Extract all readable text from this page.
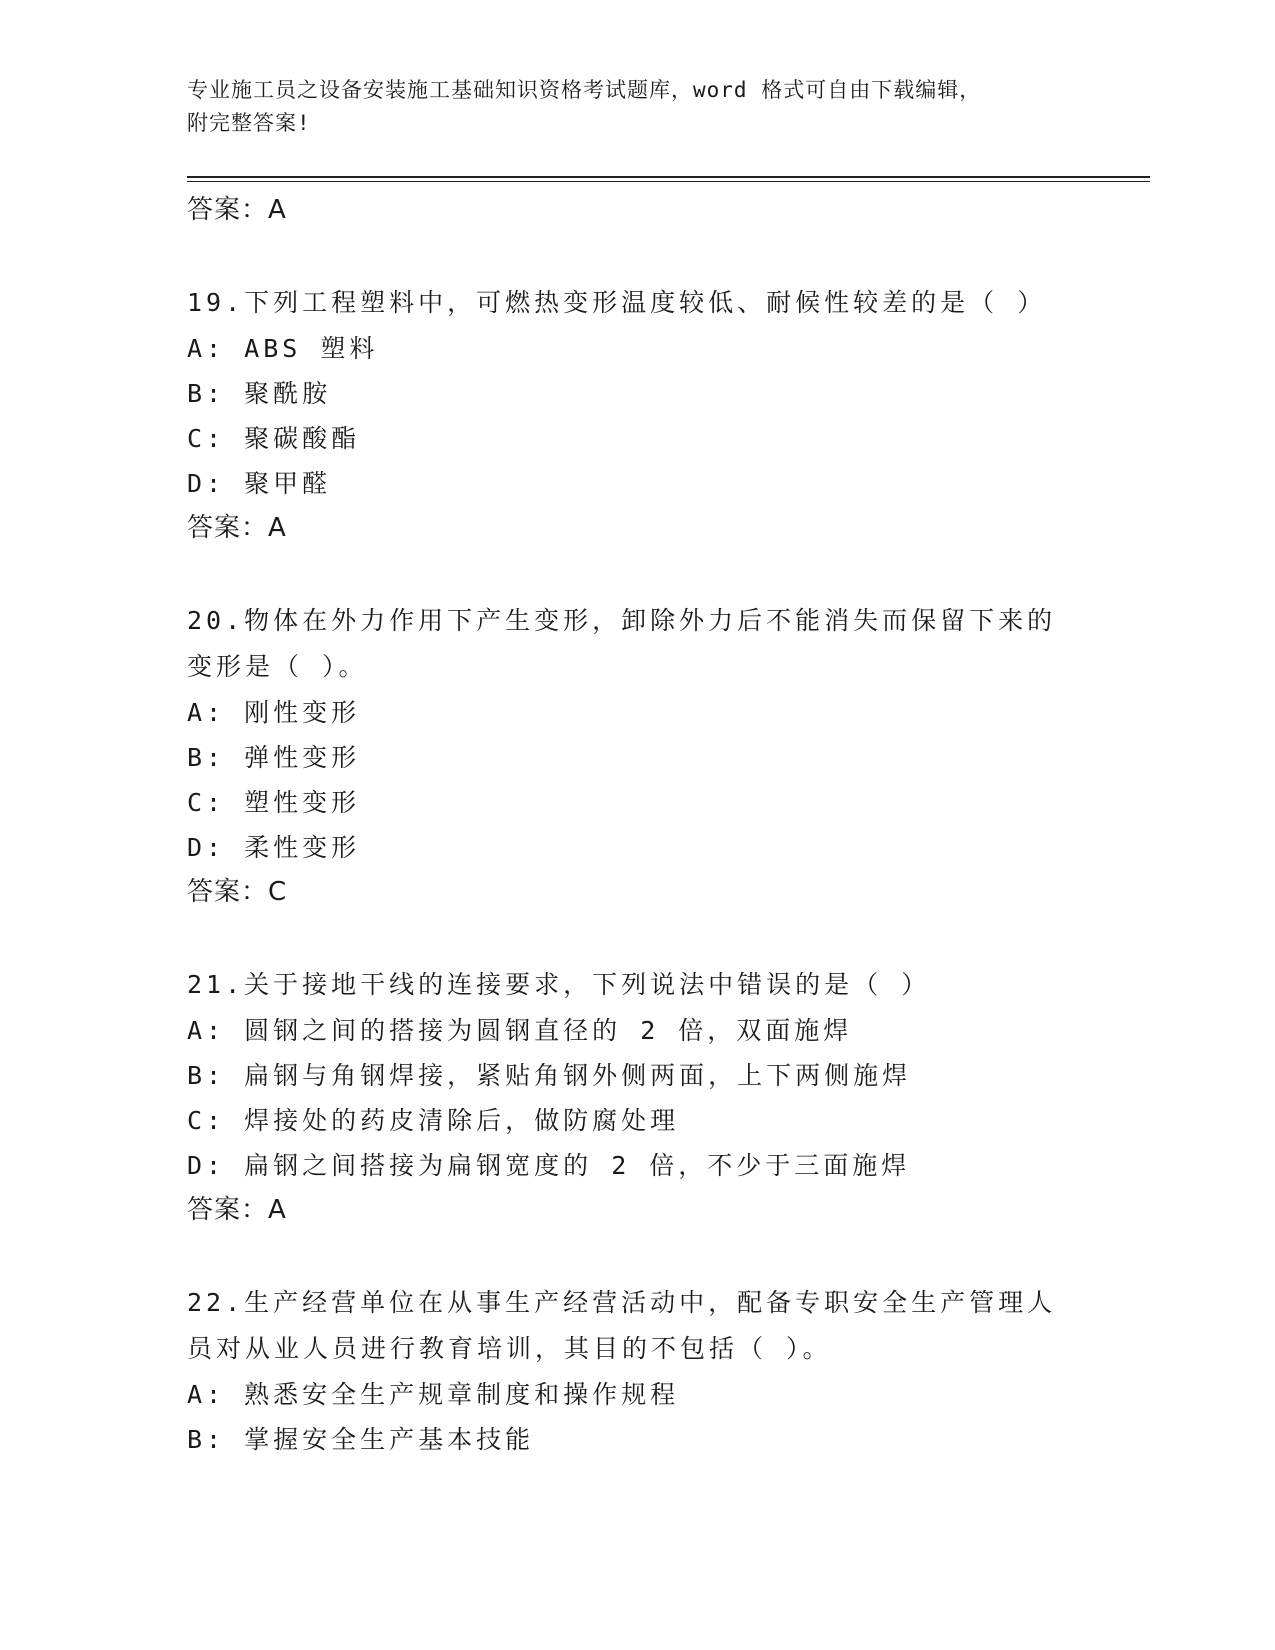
专业施工员之设备安装施工基础知识资格考试题库，word 格式可自由下载编辑，
附完整答案!
答案：A
19.下列工程塑料中，可燃热变形温度较低、耐候性较差的是（ ）
A: ABS 塑料
B: 聚酰胺
C: 聚碳酸酯
D: 聚甲醛
答案：A
20.物体在外力作用下产生变形，卸除外力后不能消失而保留下来的变形是（ ）。
A: 刚性变形
B: 弹性变形
C: 塑性变形
D: 柔性变形
答案：C
21.关于接地干线的连接要求，下列说法中错误的是（ ）
A: 圆钢之间的搭接为圆钢直径的 2 倍，双面施焊
B: 扁钢与角钢焊接，紧贴角钢外侧两面，上下两侧施焊
C: 焊接处的药皮清除后，做防腐处理
D: 扁钢之间搭接为扁钢宽度的 2 倍，不少于三面施焊
答案：A
22.生产经营单位在从事生产经营活动中，配备专职安全生产管理人员对从业人员进行教育培训，其目的不包括（ ）。
A: 熟悉安全生产规章制度和操作规程
B: 掌握安全生产基本技能
